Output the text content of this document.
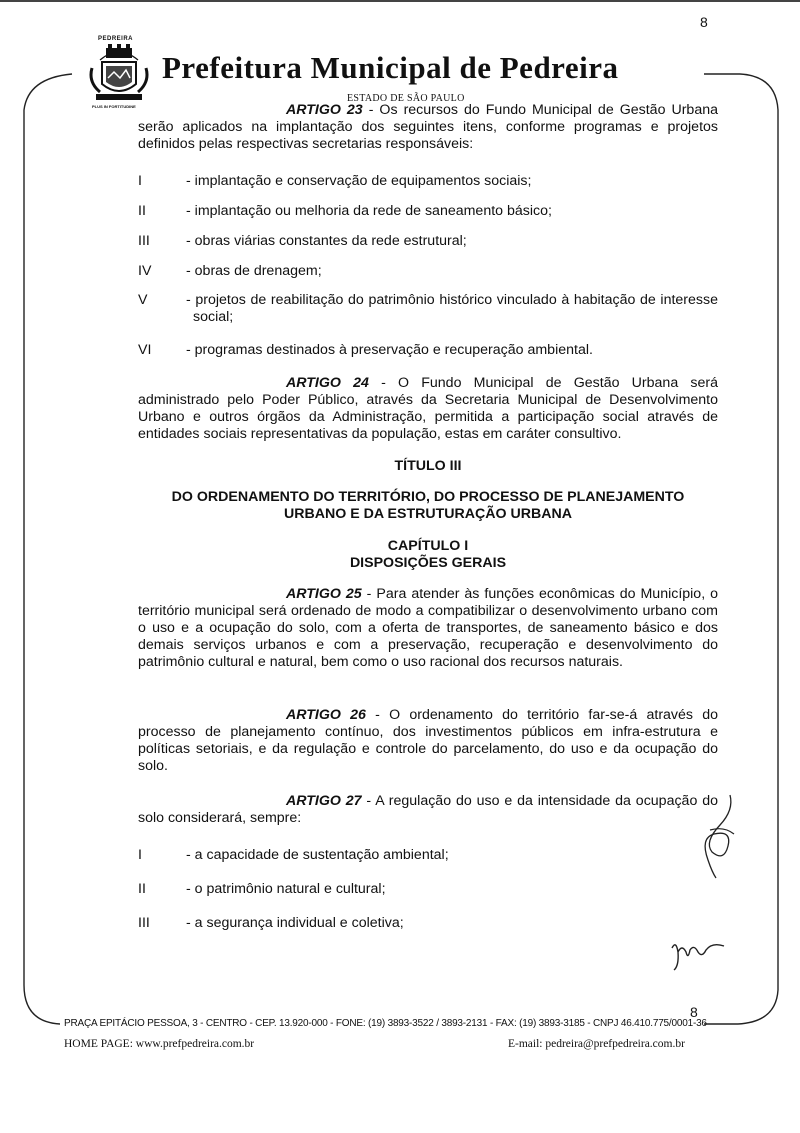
PEDREIRA
PLUS IN FORTITUDINE
Prefeitura Municipal de Pedreira
ESTADO DE SÃO PAULO
8
ARTIGO 23 - Os recursos do Fundo Municipal de Gestão Urbana serão aplicados na implantação dos seguintes itens, conforme programas e projetos definidos pelas respectivas secretarias responsáveis:
I	- implantação e conservação de equipamentos sociais;
II	- implantação ou melhoria da rede de saneamento básico;
III	- obras viárias constantes da rede estrutural;
IV - obras de drenagem;
V	- projetos de reabilitação do patrimônio histórico vinculado à habitação de interesse social;
VI - programas destinados à preservação e recuperação ambiental.
ARTIGO 24 - O Fundo Municipal de Gestão Urbana será administrado pelo Poder Público, através da Secretaria Municipal de Desenvolvimento Urbano e outros órgãos da Administração, permitida a participação social através de entidades sociais representativas da população, estas em caráter consultivo.
TÍTULO III
DO ORDENAMENTO DO TERRITÓRIO, DO PROCESSO DE PLANEJAMENTO
URBANO E DA ESTRUTURAÇÃO URBANA
CAPÍTULO I
DISPOSIÇÕES GERAIS
ARTIGO 25 - Para atender às funções econômicas do Município, o território municipal será ordenado de modo a compatibilizar o desenvolvimento urbano com o uso e a ocupação do solo, com a oferta de transportes, de saneamento básico e dos demais serviços urbanos e com a preservação, recuperação e desenvolvimento do patrimônio cultural e natural, bem como o uso racional dos recursos naturais.
ARTIGO 26 - O ordenamento do território far-se-á através do processo de planejamento contínuo, dos investimentos públicos em infra-estrutura e políticas setoriais, e da regulação e controle do parcelamento, do uso e da ocupação do solo.
ARTIGO 27 - A regulação do uso e da intensidade da ocupação do solo considerará, sempre:
I	- a capacidade de sustentação ambiental;
II	- o patrimônio natural e cultural;
III	- a segurança individual e coletiva;
8
PRAÇA EPITÁCIO PESSOA, 3 - CENTRO - CEP. 13.920-000 - FONE: (19) 3893-3522 / 3893-2131 - FAX: (19) 3893-3185 - CNPJ 46.410.775/0001-36
HOME PAGE: www.prefpedreira.com.br	E-mail: pedreira@prefpedreira.com.br
